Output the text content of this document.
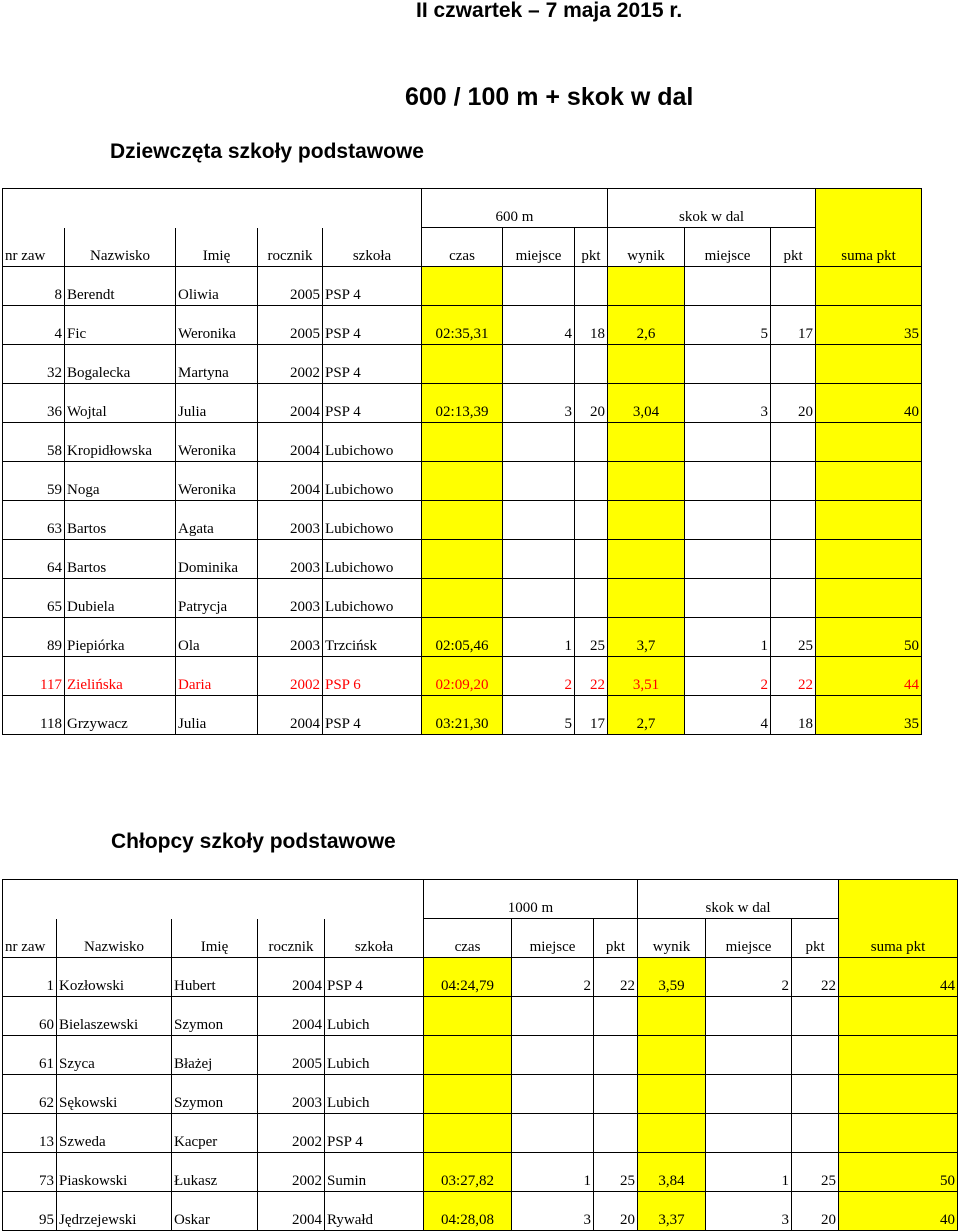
II czwartek – 7 maja 2015 r.

600 / 100 m + skok w dal

Dziewczęta szkoły podstawowe

Chłopcy szkoły podstawowe

					600 m			skok w dal			
nr zaw	Nazwisko	Imię	rocznik	szkoła	czas	miejsce	pkt	wynik	miejsce	pkt	suma pkt
8	Berendt	Oliwia	2005	PSP 4							
4	Fic	Weronika	2005	PSP 4	02:35,31	4	18	2,6	5	17	35
32	Bogalecka	Martyna	2002	PSP 4							
36	Wojtal	Julia	2004	PSP 4	02:13,39	3	20	3,04	3	20	40
58	Kropidłowska	Weronika	2004	Lubichowo							
59	Noga	Weronika	2004	Lubichowo							
63	Bartos	Agata	2003	Lubichowo							
64	Bartos	Dominika	2003	Lubichowo							
65	Dubiela	Patrycja	2003	Lubichowo							
89	Piepiórka	Ola	2003	Trzcińsk	02:05,46	1	25	3,7	1	25	50
117	Zielińska	Daria	2002	PSP 6	02:09,20	2	22	3,51	2	22	44
118	Grzywacz	Julia	2004	PSP 4	03:21,30	5	17	2,7	4	18	35
					1000 m			skok w dal			
nr zaw	Nazwisko	Imię	rocznik	szkoła	czas	miejsce	pkt	wynik	miejsce	pkt	suma pkt
1	Kozłowski	Hubert	2004	PSP 4	04:24,79	2	22	3,59	2	22	44
60	Bielaszewski	Szymon	2004	Lubich							
61	Szyca	Błażej	2005	Lubich							
62	Sękowski	Szymon	2003	Lubich							
13	Szweda	Kacper	2002	PSP 4							
73	Piaskowski	Łukasz	2002	Sumin	03:27,82	1	25	3,84	1	25	50
95	Jędrzejewski	Oskar	2004	Rywałd	04:28,08	3	20	3,37	3	20	40
